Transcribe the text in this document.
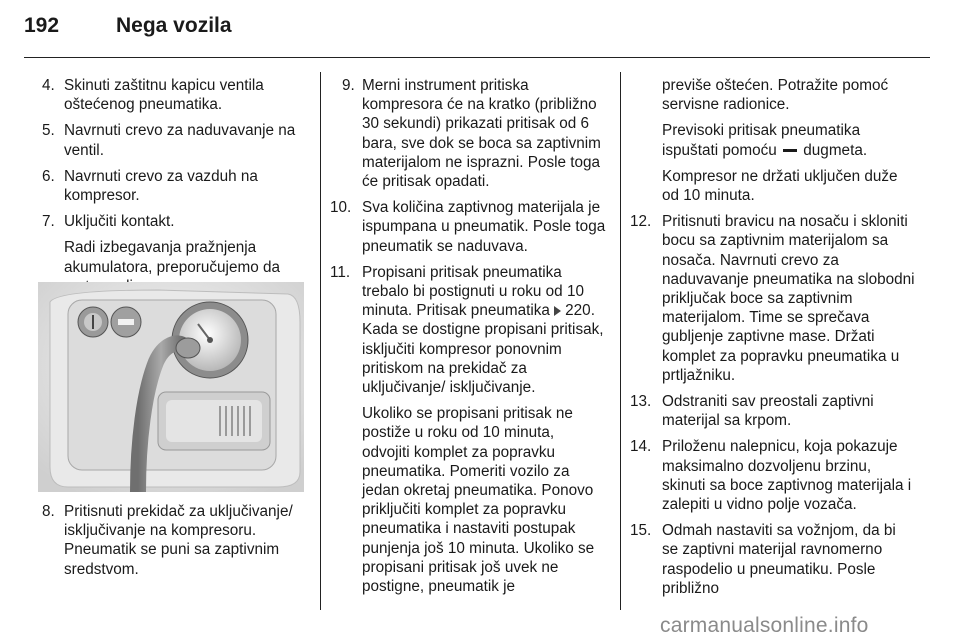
192	Nega vozila
4. Skinuti zaštitnu kapicu ventila oštećenog pneumatika.
5. Navrnuti crevo za naduvavanje na ventil.
6. Navrnuti crevo za vazduh na kompresor.
7. Uključiti kontakt.
Radi izbegavanja pražnjenja akumulatora, preporučujemo da
8. Pritisnuti prekidač za uključivanje/ isključivanje na kompresoru. Pneumatik se puni sa zaptivnim sredstvom.
9. Merni instrument pritiska kompresora će na kratko (približno 30 sekundi) prikazati pritisak od 6 bara, sve dok se boca sa zaptivnim materijalom ne isprazni. Posle toga će pritisak opadati.
10. Sva količina zaptivnog materijala je ispumpana u pneumatik. Posle toga pneumatik se naduvava.
11. Propisani pritisak pneumatika trebalo bi postignuti u roku od 10 minuta. Pritisak pneumatika 220. Kada se dostigne propisani pritisak, isključiti kompresor ponovnim pritiskom na prekidač za uključivanje/ isključivanje.
Ukoliko se propisani pritisak ne postiže u roku od 10 minuta, odvojiti komplet za popravku pneumatika. Pomeriti vozilo za jedan okretaj pneumatika. Ponovo priključiti komplet za popravku pneumatika i nastaviti postupak punjenja još 10 minuta. Ukoliko se propisani pritisak još uvek ne postigne, pneumatik je
previše oštećen. Potražite pomoć servisne radionice.
Previsoki pritisak pneumatika ispuštati pomoću dugmeta.
Kompresor ne držati uključen duže od 10 minuta.
12. Pritisnuti bravicu na nosaču i skloniti bocu sa zaptivnim materijalom sa nosača. Navrnuti crevo za naduvavanje pneumatika na slobodni priključak boce sa zaptivnim materijalom. Time se sprečava gubljenje zaptivne mase. Držati komplet za popravku pneumatika u prtljažniku.
13. Odstraniti sav preostali zaptivni materijal sa krpom.
14. Priloženu nalepnicu, koja pokazuje maksimalno dozvoljenu brzinu, skinuti sa boce zaptivnog materijala i zalepiti u vidno polje vozača.
15. Odmah nastaviti sa vožnjom, da bi se zaptivni materijal ravnomerno raspodelio u pneumatiku. Posle približno
carmanualsonline.info
